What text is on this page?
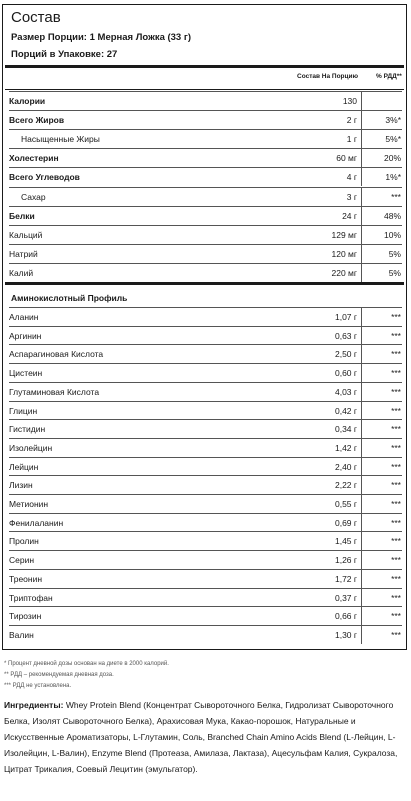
Состав
Размер Порции: 1 Мерная Ложка (33 г)
Порций в Упаковке: 27
Состав На Порцию	% РДД**
Калории	130
Всего Жиров	2 г	3%*
Насыщенные Жиры	1 г	5%*
Холестерин	60 мг	20%
Всего Углеводов	4 г	1%*
Сахар	3 г	***
Белки	24 г	48%
Кальций	129 мг	10%
Натрий	120 мг	5%
Калий	220 мг	5%
Аминокислотный Профиль
Аланин	1,07 г	***
Аргинин	0,63 г	***
Аспарагиновая Кислота	2,50 г	***
Цистеин	0,60 г	***
Глутаминовая Кислота	4,03 г	***
Глицин	0,42 г	***
Гистидин	0,34 г	***
Изолейцин	1,42 г	***
Лейцин	2,40 г	***
Лизин	2,22 г	***
Метионин	0,55 г	***
Фенилаланин	0,69 г	***
Пролин	1,45 г	***
Серин	1,26 г	***
Треонин	1,72 г	***
Триптофан	0,37 г	***
Тирозин	0,66 г	***
Валин	1,30 г	***
* Процент дневной дозы основан на диете в 2000 калорий.
** РДД – рекомендуемая дневная доза.
*** РДД не установлена.
Ингредиенты: Whey Protein Blend (Концентрат Сывороточного Белка, Гидролизат Сывороточного Белка, Изолят Сывороточного Белка), Арахисовая Мука, Какао-порошок, Натуральные и Искусственные Ароматизаторы, L-Глутамин, Соль, Branched Chain Amino Acids Blend (L-Лейцин, L-Изолейцин, L-Валин), Enzyme Blend (Протеаза, Амилаза, Лактаза), Ацесульфам Калия, Сукралоза, Цитрат Трикалия, Соевый Лецитин (эмульгатор).
